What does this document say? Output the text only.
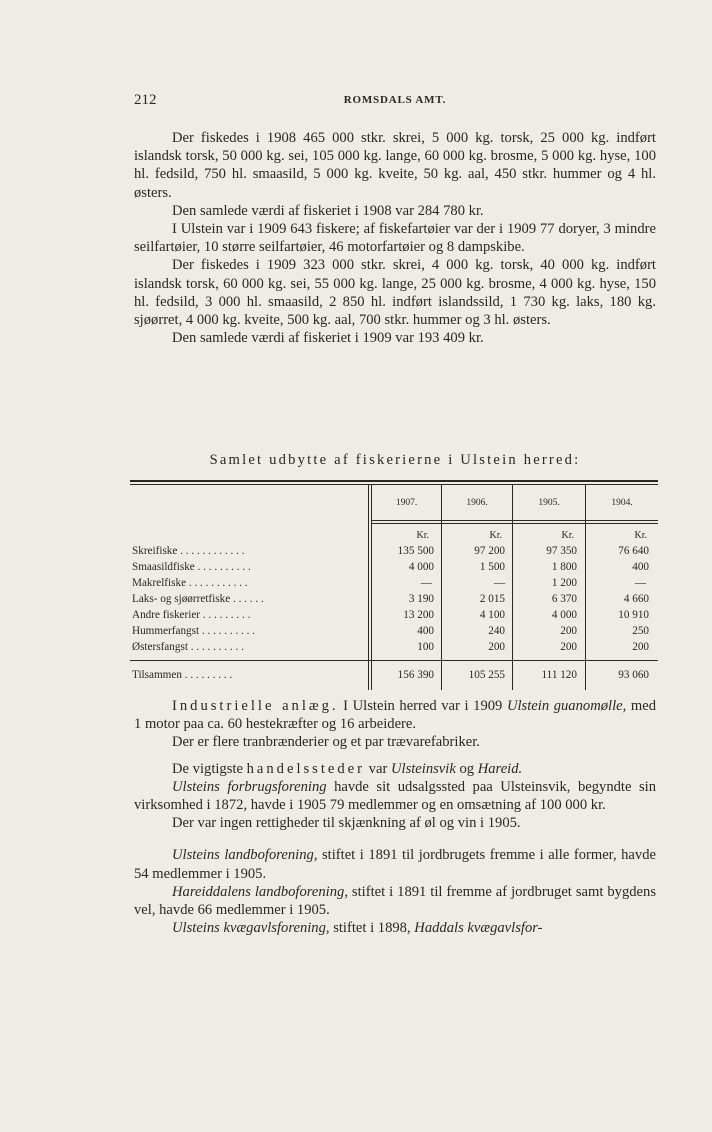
212	ROMSDALS AMT.

Der fiskedes i 1908 465 000 stkr. skrei, 5 000 kg. torsk, 25 000 kg. indført islandsk torsk, 50 000 kg. sei, 105 000 kg. lange, 60 000 kg. brosme, 5 000 kg. hyse, 100 hl. fedsild, 750 hl. smaasild, 5 000 kg. kveite, 50 kg. aal, 450 stkr. hummer og 4 hl. østers.

Den samlede værdi af fiskeriet i 1908 var 284 780 kr.

I Ulstein var i 1909 643 fiskere; af fiskefartøier var der i 1909 77 doryer, 3 mindre seilfartøier, 10 større seilfartøier, 46 motorfartøier og 8 dampskibe.

Der fiskedes i 1909 323 000 stkr. skrei, 4 000 kg. torsk, 40 000 kg. indført islandsk torsk, 60 000 kg. sei, 55 000 kg. lange, 25 000 kg. brosme, 4 000 kg. hyse, 150 hl. fedsild, 3 000 hl. smaasild, 2 850 hl. indført islandssild, 1 730 kg. laks, 180 kg. sjøørret, 4 000 kg. kveite, 500 kg. aal, 700 stkr. hummer og 3 hl. østers.

Den samlede værdi af fiskeriet i 1909 var 193 409 kr.

Samlet udbytte af fiskerierne i Ulstein herred:
1907.	1906.	1905.	1904.
Kr.	Kr.	Kr.	Kr.
Skreifiske . . . . . . . . . . . .	135 500	97 200	97 350	76 640
Smaasildfiske . . . . . . . . . .	4 000	1 500	1 800	400
Makrelfiske . . . . . . . . . . .	—	—	1 200	—
Laks- og sjøørretfiske . . . . . .	3 190	2 015	6 370	4 660
Andre fiskerier . . . . . . . . .	13 200	4 100	4 000	10 910
Hummerfangst . . . . . . . . . .	400	240	200	250
Østersfangst . . . . . . . . . .	100	200	200	200
Tilsammen . . . . . . . . .	156 390	105 255	111 120	93 060

Industrielle anlæg. I Ulstein herred var i 1909 Ulstein guanomølle, med 1 motor paa ca. 60 hestekræfter og 16 arbeidere.

Der er flere tranbrænderier og et par trævarefabriker.

De vigtigste handelssteder var Ulsteinsvik og Hareid.

Ulsteins forbrugsforening havde sit udsalgssted paa Ulsteinsvik, begyndte sin virksomhed i 1872, havde i 1905 79 medlemmer og en omsætning af 100 000 kr.

Der var ingen rettigheder til skjænkning af øl og vin i 1905.

Ulsteins landboforening, stiftet i 1891 til jordbrugets fremme i alle former, havde 54 medlemmer i 1905.

Hareiddalens landboforening, stiftet i 1891 til fremme af jordbruget samt bygdens vel, havde 66 medlemmer i 1905.

Ulsteins kvægavlsforening, stiftet i 1898, Haddals kvægavlsfor-
